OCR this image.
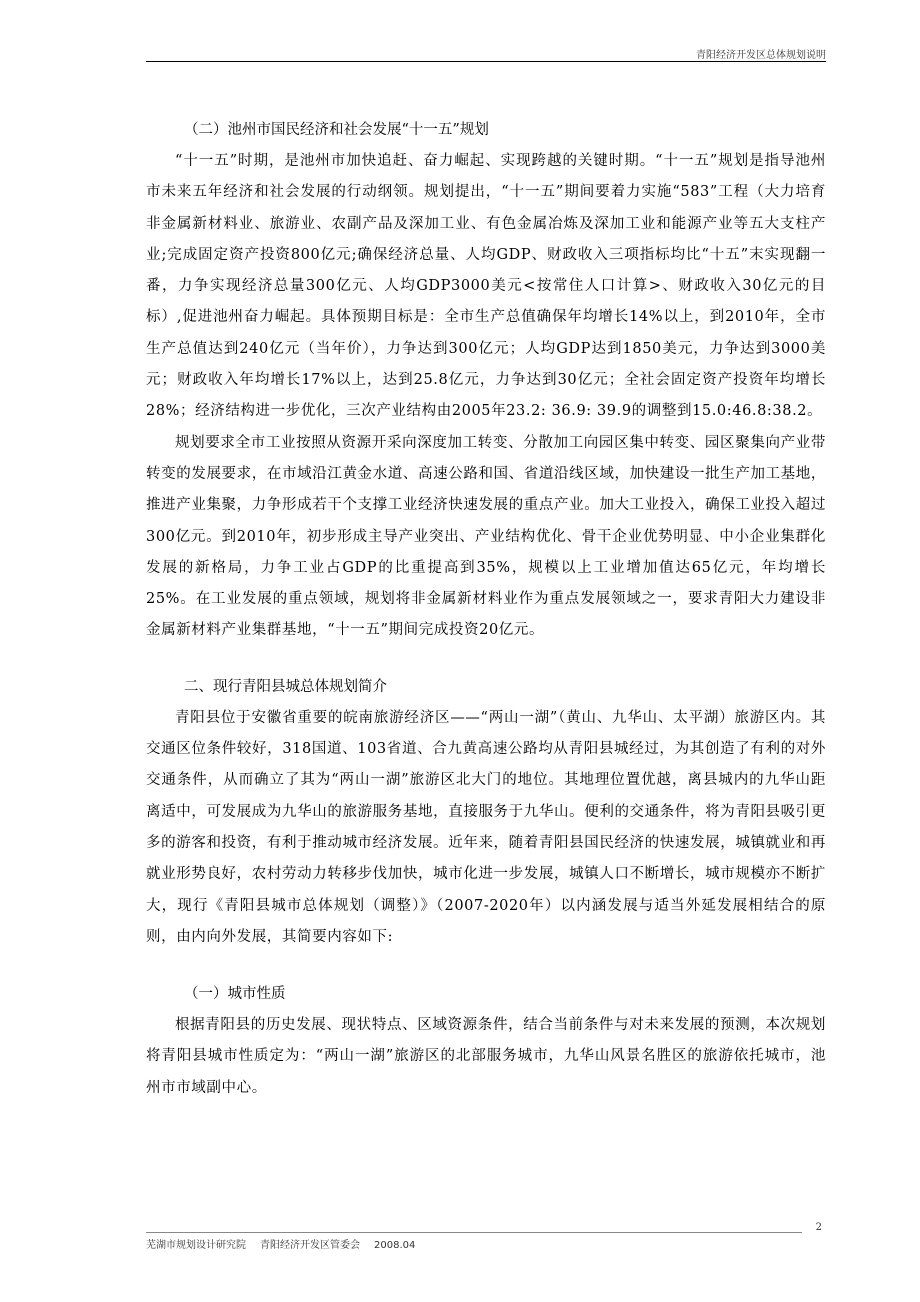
青阳经济开发区总体规划说明

（二）池州市国民经济和社会发展“十一五”规划

“十一五”时期，是池州市加快追赶、奋力崛起、实现跨越的关键时期。“十一五”规划是指导池州市未来五年经济和社会发展的行动纲领。规划提出，“十一五”期间要着力实施“583”工程（大力培育非金属新材料业、旅游业、农副产品及深加工业、有色金属冶炼及深加工业和能源产业等五大支柱产业;完成固定资产投资800亿元;确保经济总量、人均GDP、财政收入三项指标均比“十五”末实现翻一番，力争实现经济总量300亿元、人均GDP3000美元<按常住人口计算>、财政收入30亿元的目标）,促进池州奋力崛起。具体预期目标是：全市生产总值确保年均增长14%以上，到2010年，全市生产总值达到240亿元（当年价），力争达到300亿元；人均GDP达到1850美元，力争达到3000美元；财政收入年均增长17%以上，达到25.8亿元，力争达到30亿元；全社会固定资产投资年均增长28%；经济结构进一步优化，三次产业结构由2005年23.2: 36.9: 39.9的调整到15.0:46.8:38.2。

规划要求全市工业按照从资源开采向深度加工转变、分散加工向园区集中转变、园区聚集向产业带转变的发展要求，在市域沿江黄金水道、高速公路和国、省道沿线区域，加快建设一批生产加工基地，推进产业集聚，力争形成若干个支撑工业经济快速发展的重点产业。加大工业投入，确保工业投入超过300亿元。到2010年，初步形成主导产业突出、产业结构优化、骨干企业优势明显、中小企业集群化发展的新格局，力争工业占GDP的比重提高到35%，规模以上工业增加值达65亿元，年均增长25%。在工业发展的重点领域，规划将非金属新材料业作为重点发展领域之一，要求青阳大力建设非金属新材料产业集群基地，“十一五”期间完成投资20亿元。

二、现行青阳县城总体规划简介

青阳县位于安徽省重要的皖南旅游经济区——“两山一湖”（黄山、九华山、太平湖）旅游区内。其交通区位条件较好，318国道、103省道、合九黄高速公路均从青阳县城经过，为其创造了有利的对外交通条件，从而确立了其为“两山一湖”旅游区北大门的地位。其地理位置优越，离县城内的九华山距离适中，可发展成为九华山的旅游服务基地，直接服务于九华山。便利的交通条件，将为青阳县吸引更多的游客和投资，有利于推动城市经济发展。近年来，随着青阳县国民经济的快速发展，城镇就业和再就业形势良好，农村劳动力转移步伐加快，城市化进一步发展，城镇人口不断增长，城市规模亦不断扩大，现行《青阳县城市总体规划（调整）》（2007-2020年）以内涵发展与适当外延发展相结合的原则，由内向外发展，其简要内容如下:

（一）城市性质

根据青阳县的历史发展、现状特点、区域资源条件，结合当前条件与对未来发展的预测，本次规划将青阳县城市性质定为：“两山一湖”旅游区的北部服务城市，九华山风景名胜区的旅游依托城市，池州市市域副中心。

2
芜湖市规划设计研究院 青阳经济开发区管委会 2008.04
